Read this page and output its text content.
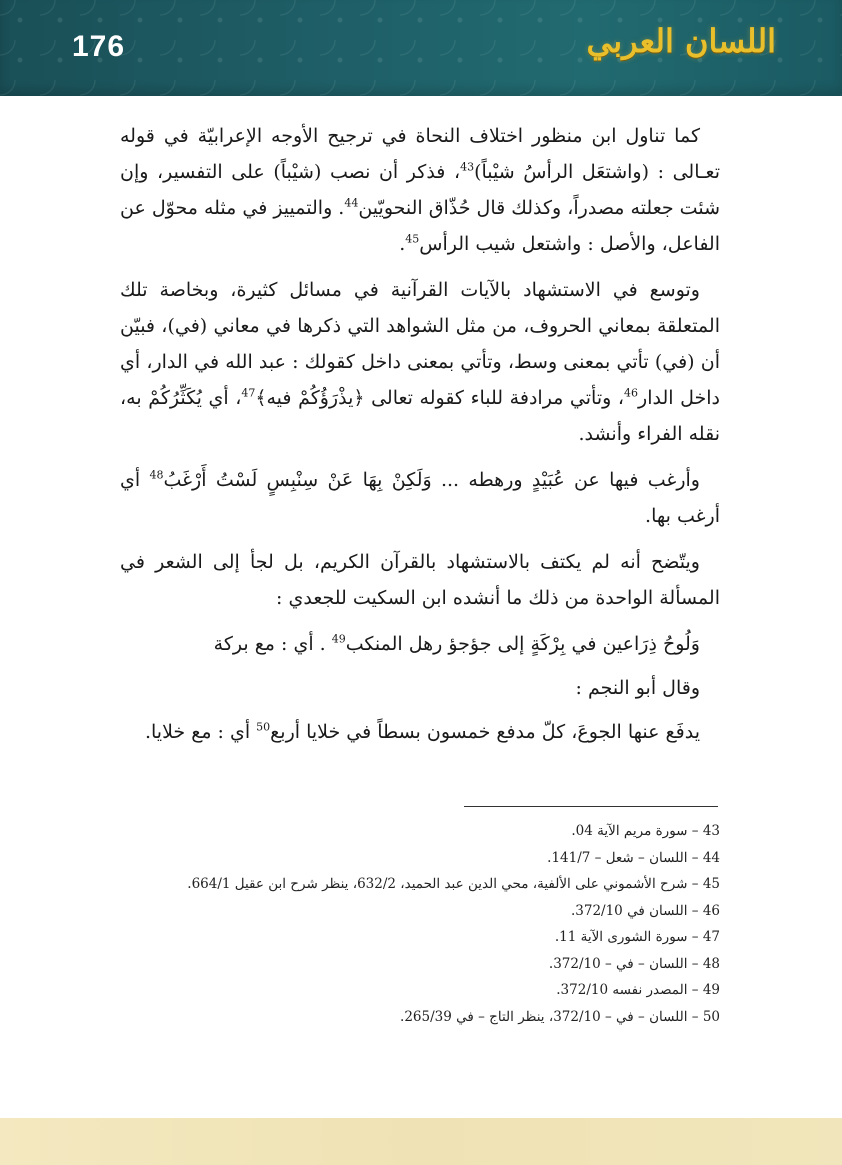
176	اللسان العربي

كما تناول ابن منظور اختلاف النحاة في ترجيح الأوجه الإعرابيّة في قوله تعـالى : (واشتعَل الرأسُ شيْباً)$^{43}$، فذكر أن نصب (شيْباً) على التفسير، وإن شئت جعلته مصدراً، وكذلك قال حُذّاق النحويّين$^{44}$. والتمييز في مثله محوّل عن الفاعل، والأصل : واشتعل شيب الرأس$^{45}$.

وتوسع في الاستشهاد بالآيات القرآنية في مسائل كثيرة، وبخاصة تلك المتعلقة بمعاني الحروف، من مثل الشواهد التي ذكرها في معاني (في)، فبيّن أن (في) تأتي بمعنى وسط، وتأتي بمعنى داخل كقولك : عبد الله في الدار، أي داخل الدار$^{46}$، وتأتي مرادفة للباء كقوله تعالى ﴿يذْرَؤُكُمْ فيه﴾$^{47}$، أي يُكَثِّرُكُمْ به، نقله الفراء وأنشد.

وأرغب فيها عن عُبَيْدٍ ورهطه ... وَلَكِنْ بِهَا عَنْ سِنْبِسٍ لَسْتُ أَرْغَبُ$^{48}$ أي أرغب بها.

ويتّضح أنه لم يكتف بالاستشهاد بالقرآن الكريم، بل لجأ إلى الشعر في المسألة الواحدة من ذلك ما أنشده ابن السكيت للجعدي :

وَلُوحُ ذِرَاعين في بِرْكَةٍ إلى جؤجؤ رهل المنكب$^{49}$ . أي : مع بركة

وقال أبو النجم :

يدفَع عنها الجوعَ، كلّ مدفع خمسون بسطاً في خلايا أربع$^{50}$ أي : مع خلايا.

43 – سورة مريم الآية 04.
44 – اللسان – شعل – 141/7.
45 – شرح الأشموني على الألفية، محي الدين عبد الحميد، 632/2، ينظر شرح ابن عقيل 664/1.
46 – اللسان في 372/10.
47 – سورة الشورى الآية 11.
48 – اللسان – في – 372/10.
49 – المصدر نفسه 372/10.
50 – اللسان – في – 372/10، ينظر التاج – في 265/39.
